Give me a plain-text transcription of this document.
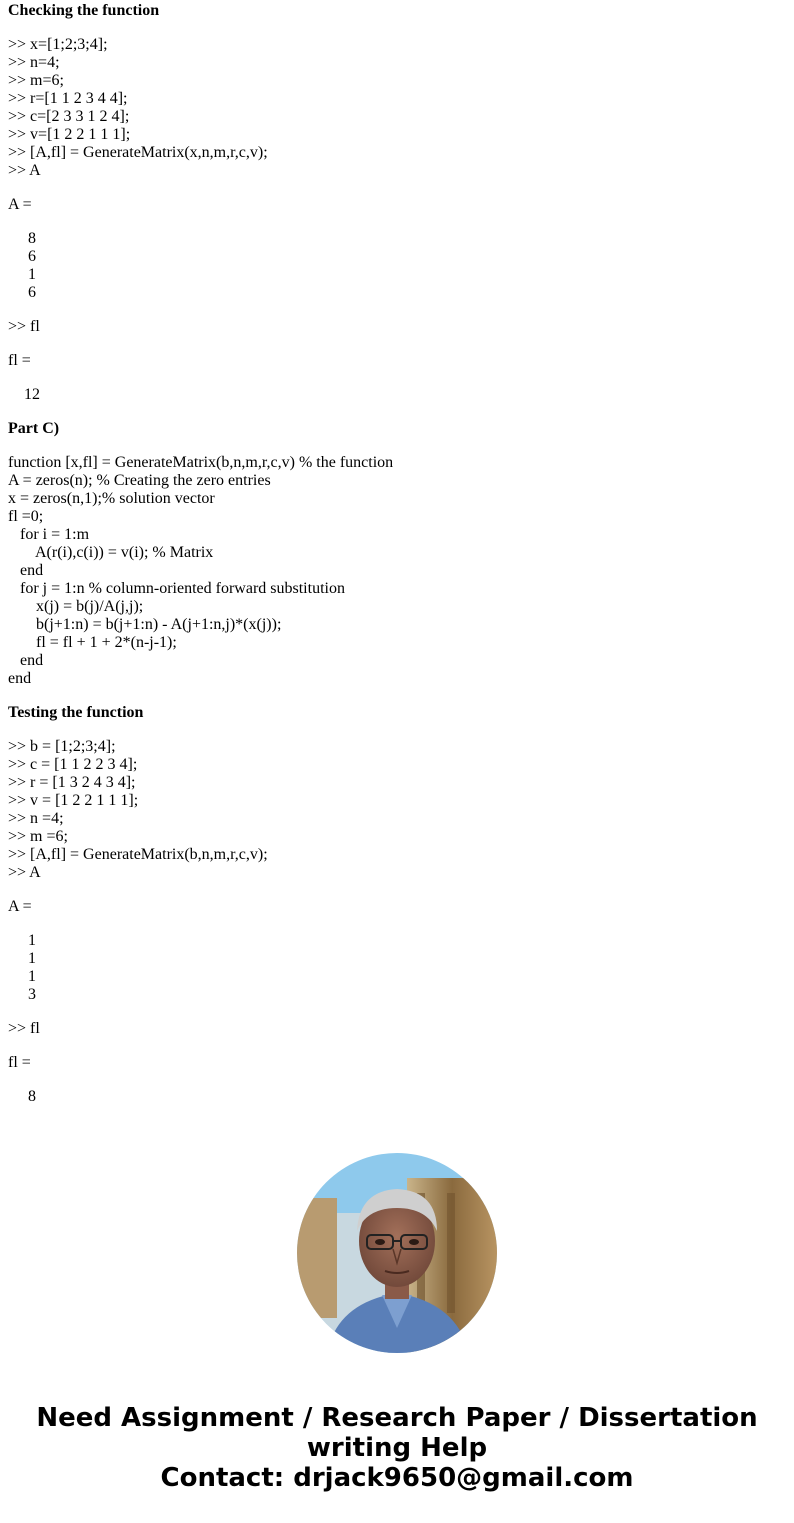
Checking the function
>> x=[1;2;3;4];
>> n=4;
>> m=6;
>> r=[1 1 2 3 4 4];
>> c=[2 3 3 1 2 4];
>> v=[1 2 2 1 1 1];
>> [A,fl] = GenerateMatrix(x,n,m,r,c,v);
>> A
A =
8
6
1
6
>> fl
fl =
12
Part C)
function [x,fl] = GenerateMatrix(b,n,m,r,c,v) % the function
A = zeros(n); % Creating the zero entries
x = zeros(n,1);% solution vector
fl =0;
for i = 1:m
A(r(i),c(i)) = v(i); % Matrix
end
for j = 1:n % column-oriented forward substitution
x(j) = b(j)/A(j,j);
b(j+1:n) = b(j+1:n) - A(j+1:n,j)*(x(j));
fl = fl + 1 + 2*(n-j-1);
end
end
Testing the function
>> b = [1;2;3;4];
>> c = [1 1 2 2 3 4];
>> r = [1 3 2 4 3 4];
>> v = [1 2 2 1 1 1];
>> n =4;
>> m =6;
>> [A,fl] = GenerateMatrix(b,n,m,r,c,v);
>> A
A =
1
1
1
3
>> fl
fl =
8
Need Assignment / Research Paper / Dissertation
writing Help
Contact: drjack9650@gmail.com
